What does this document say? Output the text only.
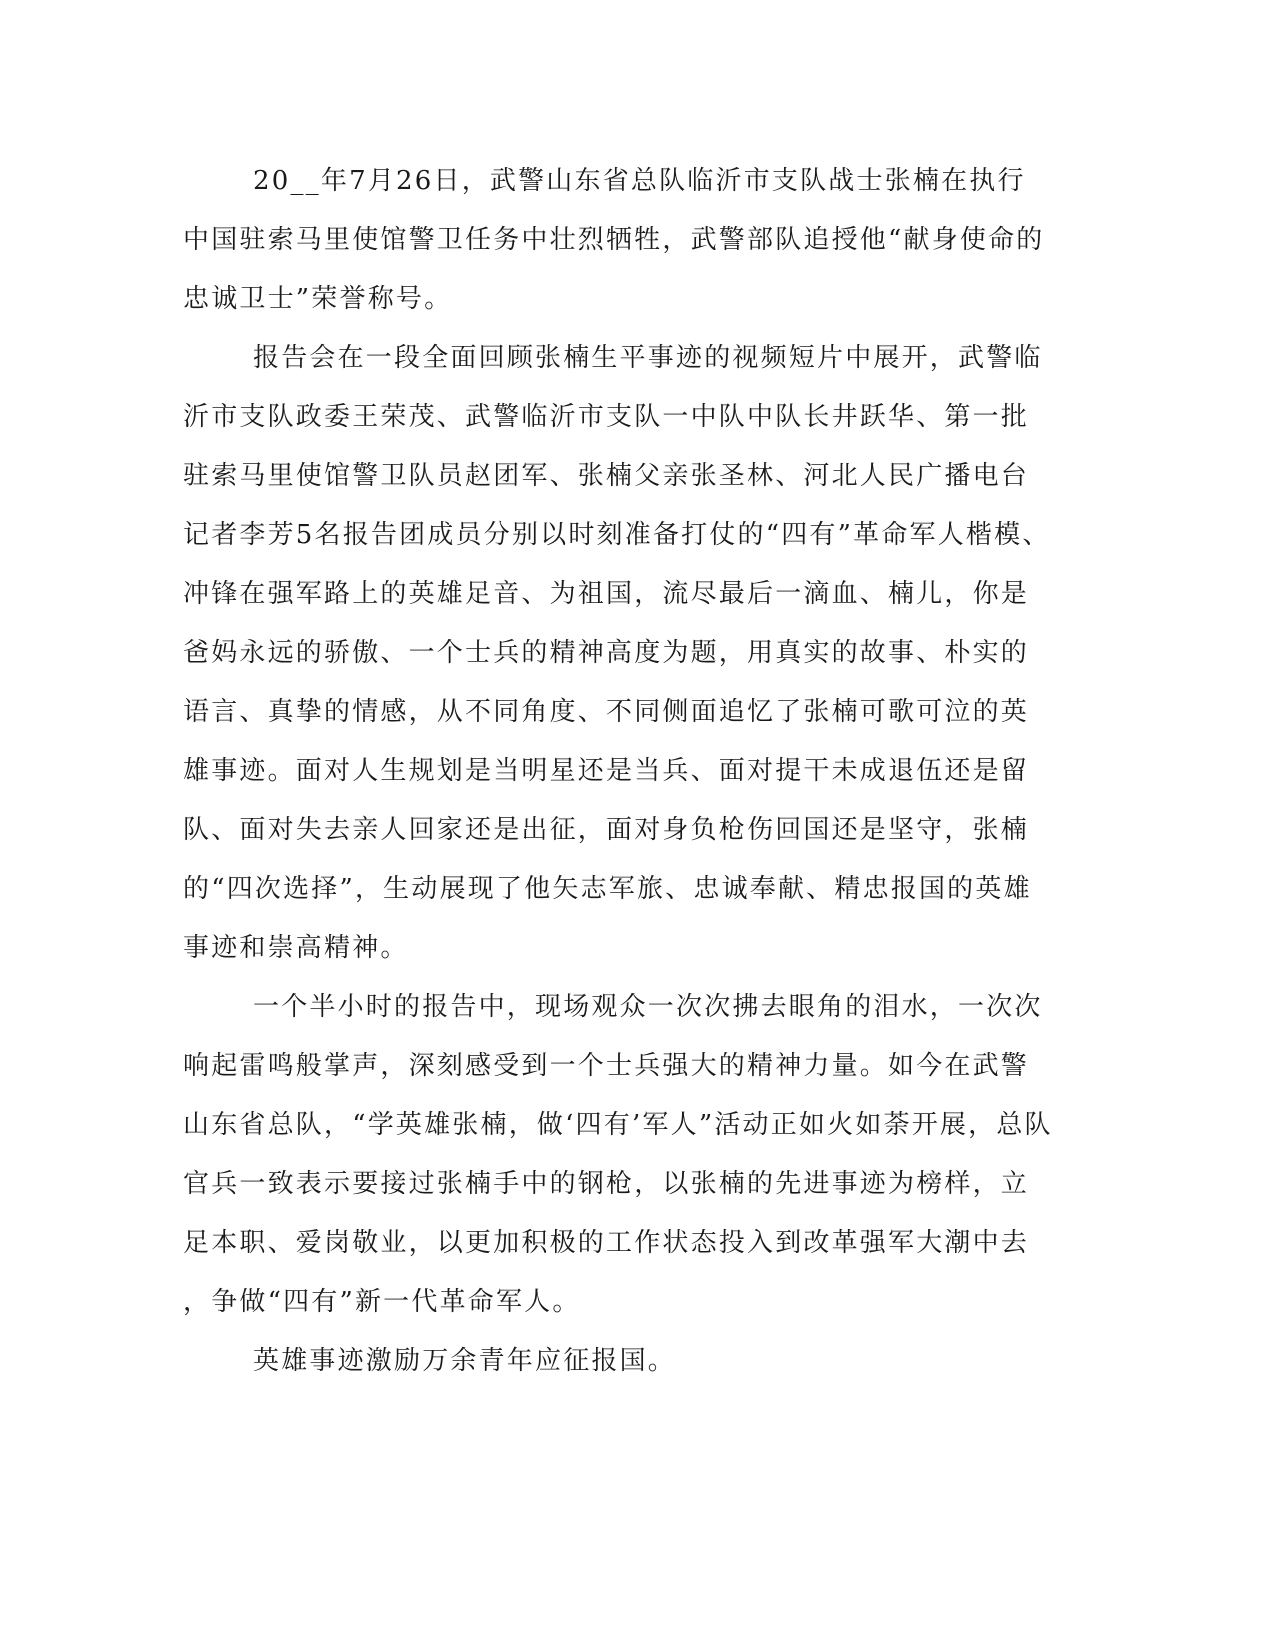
20__年7月26日，武警山东省总队临沂市支队战士张楠在执行
中国驻索马里使馆警卫任务中壮烈牺牲，武警部队追授他“献身使命的
忠诚卫士”荣誉称号。
报告会在一段全面回顾张楠生平事迹的视频短片中展开，武警临
沂市支队政委王荣茂、武警临沂市支队一中队中队长井跃华、第一批
驻索马里使馆警卫队员赵团军、张楠父亲张圣林、河北人民广播电台
记者李芳5名报告团成员分别以时刻准备打仗的“四有”革命军人楷模、
冲锋在强军路上的英雄足音、为祖国，流尽最后一滴血、楠儿，你是
爸妈永远的骄傲、一个士兵的精神高度为题，用真实的故事、朴实的
语言、真挚的情感，从不同角度、不同侧面追忆了张楠可歌可泣的英
雄事迹。面对人生规划是当明星还是当兵、面对提干未成退伍还是留
队、面对失去亲人回家还是出征，面对身负枪伤回国还是坚守，张楠
的“四次选择”，生动展现了他矢志军旅、忠诚奉献、精忠报国的英雄
事迹和崇高精神。
一个半小时的报告中，现场观众一次次拂去眼角的泪水，一次次
响起雷鸣般掌声，深刻感受到一个士兵强大的精神力量。如今在武警
山东省总队，“学英雄张楠，做‘四有’军人”活动正如火如荼开展，总队
官兵一致表示要接过张楠手中的钢枪，以张楠的先进事迹为榜样，立
足本职、爱岗敬业，以更加积极的工作状态投入到改革强军大潮中去
，争做“四有”新一代革命军人。
英雄事迹激励万余青年应征报国。
